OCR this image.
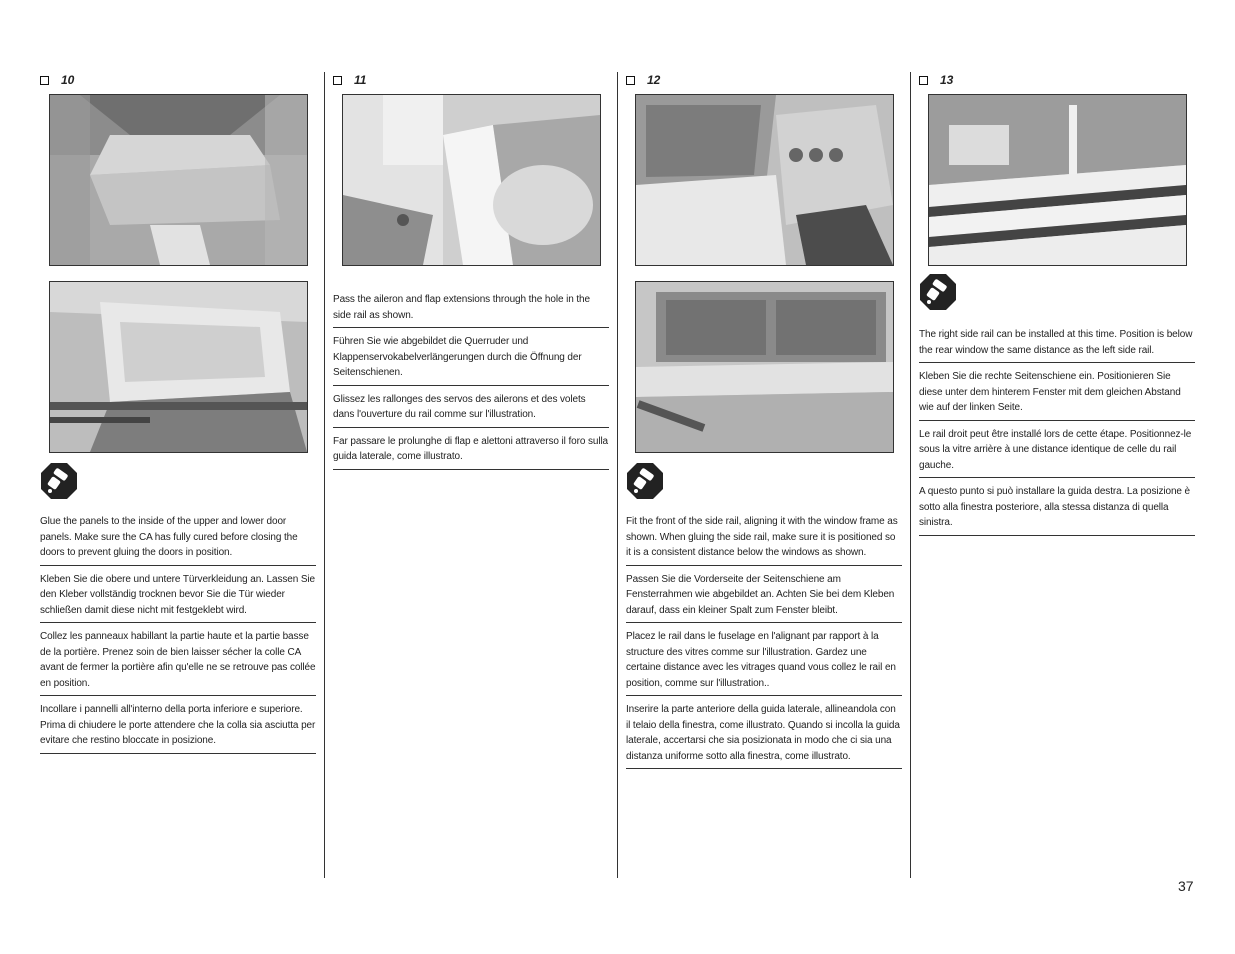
10
Glue the panels to the inside of the upper and lower door panels. Make sure the CA has fully cured before closing the doors to prevent gluing the doors in position.
Kleben Sie die obere und untere Türverkleidung an. Lassen Sie den Kleber vollständig trocknen bevor Sie die Tür wieder schließen damit diese nicht mit festgeklebt wird.
Collez les panneaux habillant la partie haute et la partie basse de la portière. Prenez soin de bien laisser sécher la colle CA avant de fermer la portière afin qu'elle ne se retrouve pas collée en position.
Incollare i pannelli all'interno della porta inferiore e superiore. Prima di chiudere le porte attendere che la colla sia asciutta per evitare che restino bloccate in posizione.
11
Pass the aileron and flap extensions through the hole in the side rail as shown.
Führen Sie wie abgebildet die Querruder und Klappenservokabelverlängerungen durch die Öffnung der Seitenschienen.
Glissez les rallonges des servos des ailerons et des volets dans l'ouverture du rail comme sur l'illustration.
Far passare le prolunghe di flap e alettoni attraverso il foro sulla guida laterale, come illustrato.
12
Fit the front of the side rail, aligning it with the window frame as shown. When gluing the side rail, make sure it is positioned so it is a consistent distance below the windows as shown.
Passen Sie die Vorderseite der Seitenschiene am Fensterrahmen wie abgebildet an. Achten Sie bei dem Kleben darauf, dass ein kleiner Spalt zum Fenster bleibt.
Placez le rail dans le fuselage en l'alignant par rapport à la structure des vitres comme sur l'illustration. Gardez une certaine distance avec les vitrages quand vous collez le rail en position, comme sur l'illustration..
Inserire la parte anteriore della guida laterale, allineandola con il telaio della finestra, come illustrato. Quando si incolla la guida laterale, accertarsi che sia posizionata in modo che ci sia una distanza uniforme sotto alla finestra, come illustrato.
13
The right side rail can be installed at this time. Position is below the rear window the same distance as the left side rail.
Kleben Sie die rechte Seitenschiene ein. Positionieren Sie diese unter dem hinterem Fenster mit dem gleichen Abstand wie auf der linken Seite.
Le rail droit peut être installé lors de cette étape. Positionnez-le sous la vitre arrière à une distance identique de celle du rail gauche.
A questo punto si può installare la guida destra. La posizione è sotto alla finestra posteriore, alla stessa distanza di quella sinistra.
37
